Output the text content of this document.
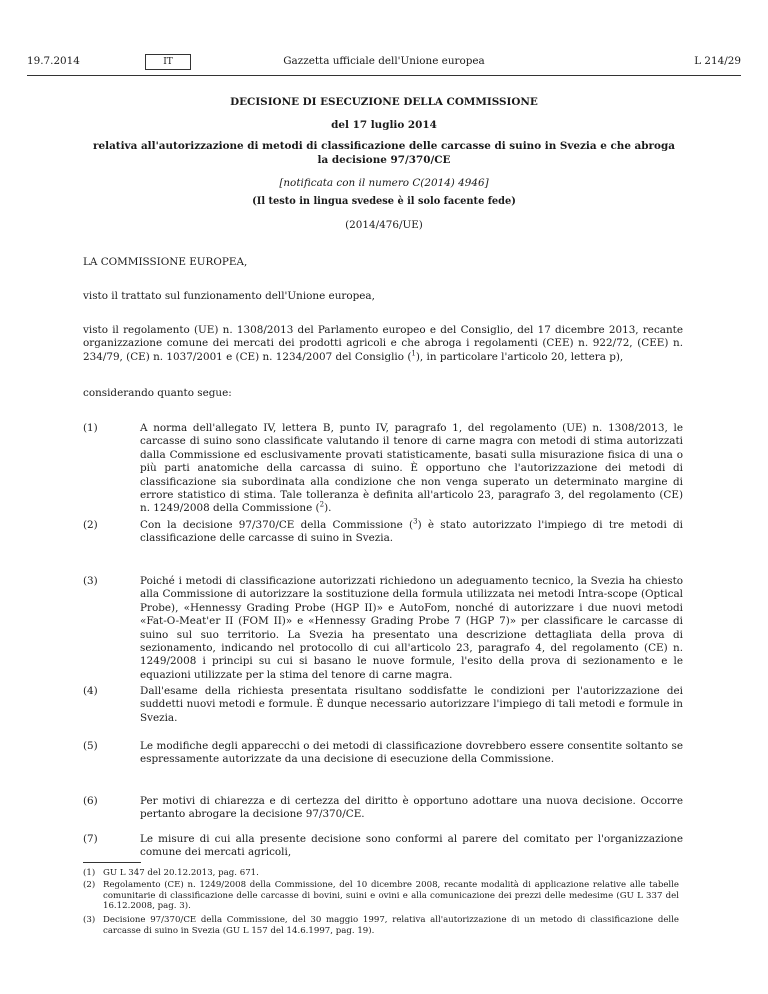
19.7.2014	IT	Gazzetta ufficiale dell'Unione europea	L 214/29
DECISIONE DI ESECUZIONE DELLA COMMISSIONE
del 17 luglio 2014
relativa all'autorizzazione di metodi di classificazione delle carcasse di suino in Svezia e che abroga
la decisione 97/370/CE
[notificata con il numero C(2014) 4946]
(Il testo in lingua svedese è il solo facente fede)
(2014/476/UE)
LA COMMISSIONE EUROPEA,
visto il trattato sul funzionamento dell'Unione europea,
visto il regolamento (UE) n. 1308/2013 del Parlamento europeo e del Consiglio, del 17 dicembre 2013, recante organizzazione comune dei mercati dei prodotti agricoli e che abroga i regolamenti (CEE) n. 922/72, (CEE) n. 234/79, (CE) n. 1037/2001 e (CE) n. 1234/2007 del Consiglio ($^1$), in particolare l'articolo 20, lettera p),
considerando quanto segue:
(1)	A norma dell'allegato IV, lettera B, punto IV, paragrafo 1, del regolamento (UE) n. 1308/2013, le carcasse di suino sono classificate valutando il tenore di carne magra con metodi di stima autorizzati dalla Commissione ed esclusivamente provati statisticamente, basati sulla misurazione fisica di una o più parti anatomiche della carcassa di suino. È opportuno che l'autorizzazione dei metodi di classificazione sia subordinata alla condizione che non venga superato un determinato margine di errore statistico di stima. Tale tolleranza è definita all'articolo 23, paragrafo 3, del regolamento (CE) n. 1249/2008 della Commissione ($^2$).
(2)	Con la decisione 97/370/CE della Commissione ($^3$) è stato autorizzato l'impiego di tre metodi di classificazione delle carcasse di suino in Svezia.
(3)	Poiché i metodi di classificazione autorizzati richiedono un adeguamento tecnico, la Svezia ha chiesto alla Commissione di autorizzare la sostituzione della formula utilizzata nei metodi Intra-scope (Optical Probe), «Hennessy Grading Probe (HGP II)» e AutoFom, nonché di autorizzare i due nuovi metodi «Fat-O-Meat'er II (FOM II)» e «Hennessy Grading Probe 7 (HGP 7)» per classificare le carcasse di suino sul suo territorio. La Svezia ha presentato una descrizione dettagliata della prova di sezionamento, indicando nel protocollo di cui all'articolo 23, paragrafo 4, del regolamento (CE) n. 1249/2008 i principi su cui si basano le nuove formule, l'esito della prova di sezionamento e le equazioni utilizzate per la stima del tenore di carne magra.
(4)	Dall'esame della richiesta presentata risultano soddisfatte le condizioni per l'autorizzazione dei suddetti nuovi metodi e formule. È dunque necessario autorizzare l'impiego di tali metodi e formule in Svezia.
(5)	Le modifiche degli apparecchi o dei metodi di classificazione dovrebbero essere consentite soltanto se espressamente autorizzate da una decisione di esecuzione della Commissione.
(6)	Per motivi di chiarezza e di certezza del diritto è opportuno adottare una nuova decisione. Occorre pertanto abrogare la decisione 97/370/CE.
(7)	Le misure di cui alla presente decisione sono conformi al parere del comitato per l'organizzazione comune dei mercati agricoli,
(1) GU L 347 del 20.12.2013, pag. 671.
(2) Regolamento (CE) n. 1249/2008 della Commissione, del 10 dicembre 2008, recante modalità di applicazione relative alle tabelle comunitarie di classificazione delle carcasse di bovini, suini e ovini e alla comunicazione dei prezzi delle medesime (GU L 337 del 16.12.2008, pag. 3).
(3) Decisione 97/370/CE della Commissione, del 30 maggio 1997, relativa all'autorizzazione di un metodo di classificazione delle carcasse di suino in Svezia (GU L 157 del 14.6.1997, pag. 19).
